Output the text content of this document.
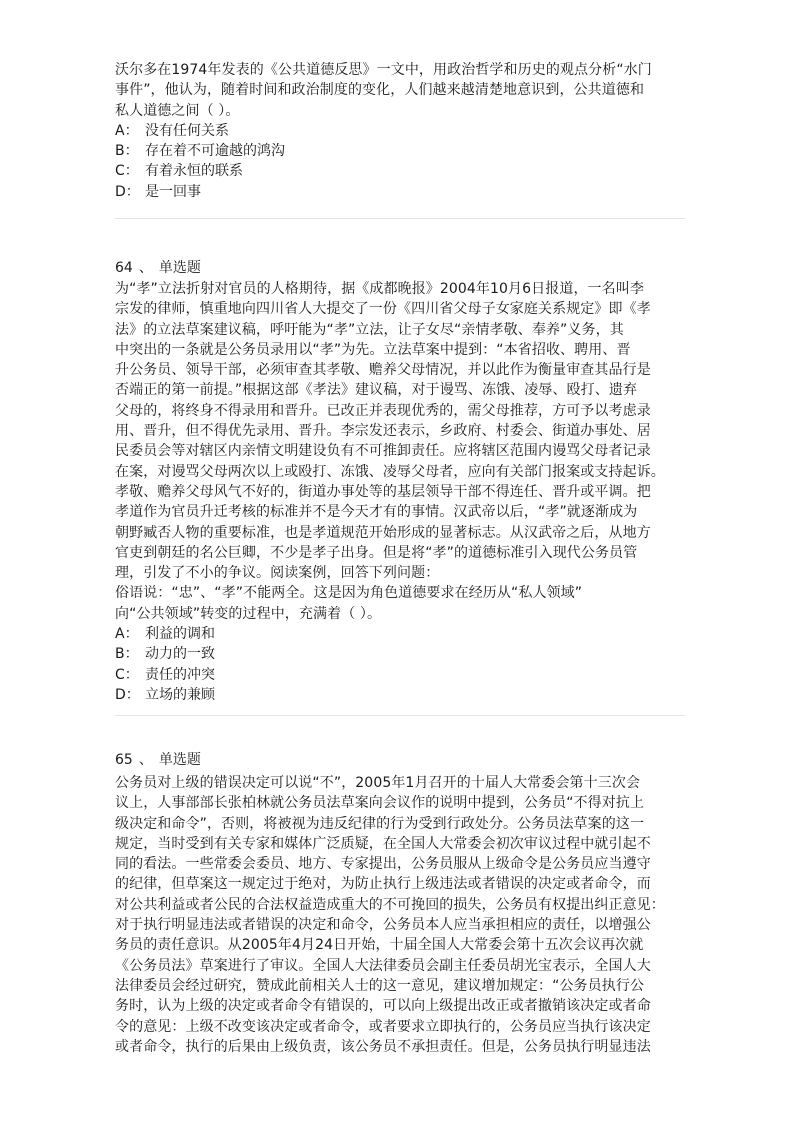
沃尔多在1974年发表的《公共道德反思》一文中，用政治哲学和历史的观点分析“水门
事件”，他认为，随着时间和政治制度的变化，人们越来越清楚地意识到，公共道德和
私人道德之间（ ）。

A： 没有任何关系
B： 存在着不可逾越的鸿沟
C： 有着永恒的联系
D： 是一回事
64 、 单选题

为“孝”立法折射对官员的人格期待，据《成都晚报》2004年10月6日报道，一名叫李
宗发的律师，慎重地向四川省人大提交了一份《四川省父母子女家庭关系规定》即《孝
法》的立法草案建议稿，呼吁能为“孝”立法，让子女尽“亲情孝敬、奉养”义务，其
中突出的一条就是公务员录用以“孝”为先。立法草案中提到：“本省招收、聘用、晋
升公务员、领导干部，必须审查其孝敬、赡养父母情况，并以此作为衡量审查其品行是
否端正的第一前提。”根据这部《孝法》建议稿，对于谩骂、冻饿、凌辱、殴打、遗弃
父母的，将终身不得录用和晋升。已改正并表现优秀的，需父母推荐，方可予以考虑录
用、晋升，但不得优先录用、晋升。李宗发还表示，乡政府、村委会、街道办事处、居
民委员会等对辖区内亲情文明建设负有不可推卸责任。应将辖区范围内谩骂父母者记录
在案，对谩骂父母两次以上或殴打、冻饿、凌辱父母者，应向有关部门报案或支持起诉。
孝敬、赡养父母风气不好的，街道办事处等的基层领导干部不得连任、晋升或平调。把
孝道作为官员升迁考核的标准并不是今天才有的事情。汉武帝以后，“孝”就逐渐成为
朝野臧否人物的重要标准，也是孝道规范开始形成的显著标志。从汉武帝之后，从地方
官吏到朝廷的名公巨卿，不少是孝子出身。但是将“孝”的道德标准引入现代公务员管
理，引发了不小的争议。阅读案例，回答下列问题：
俗语说：“忠”、“孝”不能两全。这是因为角色道德要求在经历从“私人领域”
向“公共领域”转变的过程中，充满着（ ）。

A： 利益的调和
B： 动力的一致
C： 责任的冲突
D： 立场的兼顾
65 、 单选题

公务员对上级的错误决定可以说“不”，2005年1月召开的十届人大常委会第十三次会
议上，人事部部长张柏林就公务员法草案向会议作的说明中提到，公务员“不得对抗上
级决定和命令”，否则，将被视为违反纪律的行为受到行政处分。公务员法草案的这一
规定，当时受到有关专家和媒体广泛质疑，在全国人大常委会初次审议过程中就引起不
同的看法。一些常委会委员、地方、专家提出，公务员服从上级命令是公务员应当遵守
的纪律，但草案这一规定过于绝对，为防止执行上级违法或者错误的决定或者命令，而
对公共利益或者公民的合法权益造成重大的不可挽回的损失，公务员有权提出纠正意见：
对于执行明显违法或者错误的决定和命令，公务员本人应当承担相应的责任，以增强公
务员的责任意识。从2005年4月24日开始，十届全国人大常委会第十五次会议再次就
《公务员法》草案进行了审议。全国人大法律委员会副主任委员胡光宝表示，全国人大
法律委员会经过研究，赞成此前相关人士的这一意见，建议增加规定：“公务员执行公
务时，认为上级的决定或者命令有错误的，可以向上级提出改正或者撤销该决定或者命
令的意见：上级不改变该决定或者命令，或者要求立即执行的，公务员应当执行该决定
或者命令，执行的后果由上级负责，该公务员不承担责任。但是，公务员执行明显违法
